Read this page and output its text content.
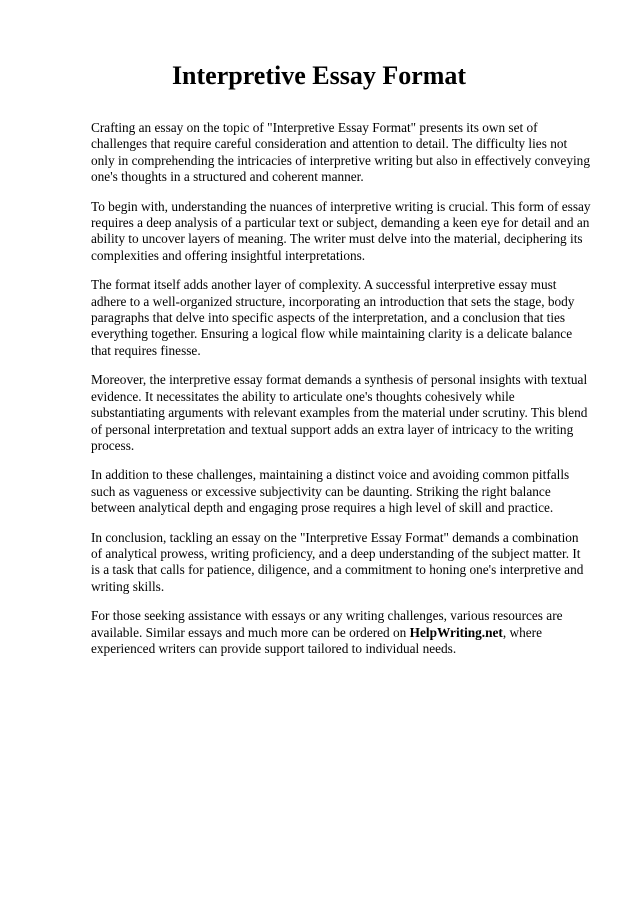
Interpretive Essay Format

Crafting an essay on the topic of "Interpretive Essay Format" presents its own set of challenges that require careful consideration and attention to detail. The difficulty lies not only in comprehending the intricacies of interpretive writing but also in effectively conveying one's thoughts in a structured and coherent manner.

To begin with, understanding the nuances of interpretive writing is crucial. This form of essay requires a deep analysis of a particular text or subject, demanding a keen eye for detail and an ability to uncover layers of meaning. The writer must delve into the material, deciphering its complexities and offering insightful interpretations.

The format itself adds another layer of complexity. A successful interpretive essay must adhere to a well-organized structure, incorporating an introduction that sets the stage, body paragraphs that delve into specific aspects of the interpretation, and a conclusion that ties everything together. Ensuring a logical flow while maintaining clarity is a delicate balance that requires finesse.

Moreover, the interpretive essay format demands a synthesis of personal insights with textual evidence. It necessitates the ability to articulate one's thoughts cohesively while substantiating arguments with relevant examples from the material under scrutiny. This blend of personal interpretation and textual support adds an extra layer of intricacy to the writing process.

In addition to these challenges, maintaining a distinct voice and avoiding common pitfalls such as vagueness or excessive subjectivity can be daunting. Striking the right balance between analytical depth and engaging prose requires a high level of skill and practice.

In conclusion, tackling an essay on the "Interpretive Essay Format" demands a combination of analytical prowess, writing proficiency, and a deep understanding of the subject matter. It is a task that calls for patience, diligence, and a commitment to honing one's interpretive and writing skills.

For those seeking assistance with essays or any writing challenges, various resources are available. Similar essays and much more can be ordered on HelpWriting.net, where experienced writers can provide support tailored to individual needs.
